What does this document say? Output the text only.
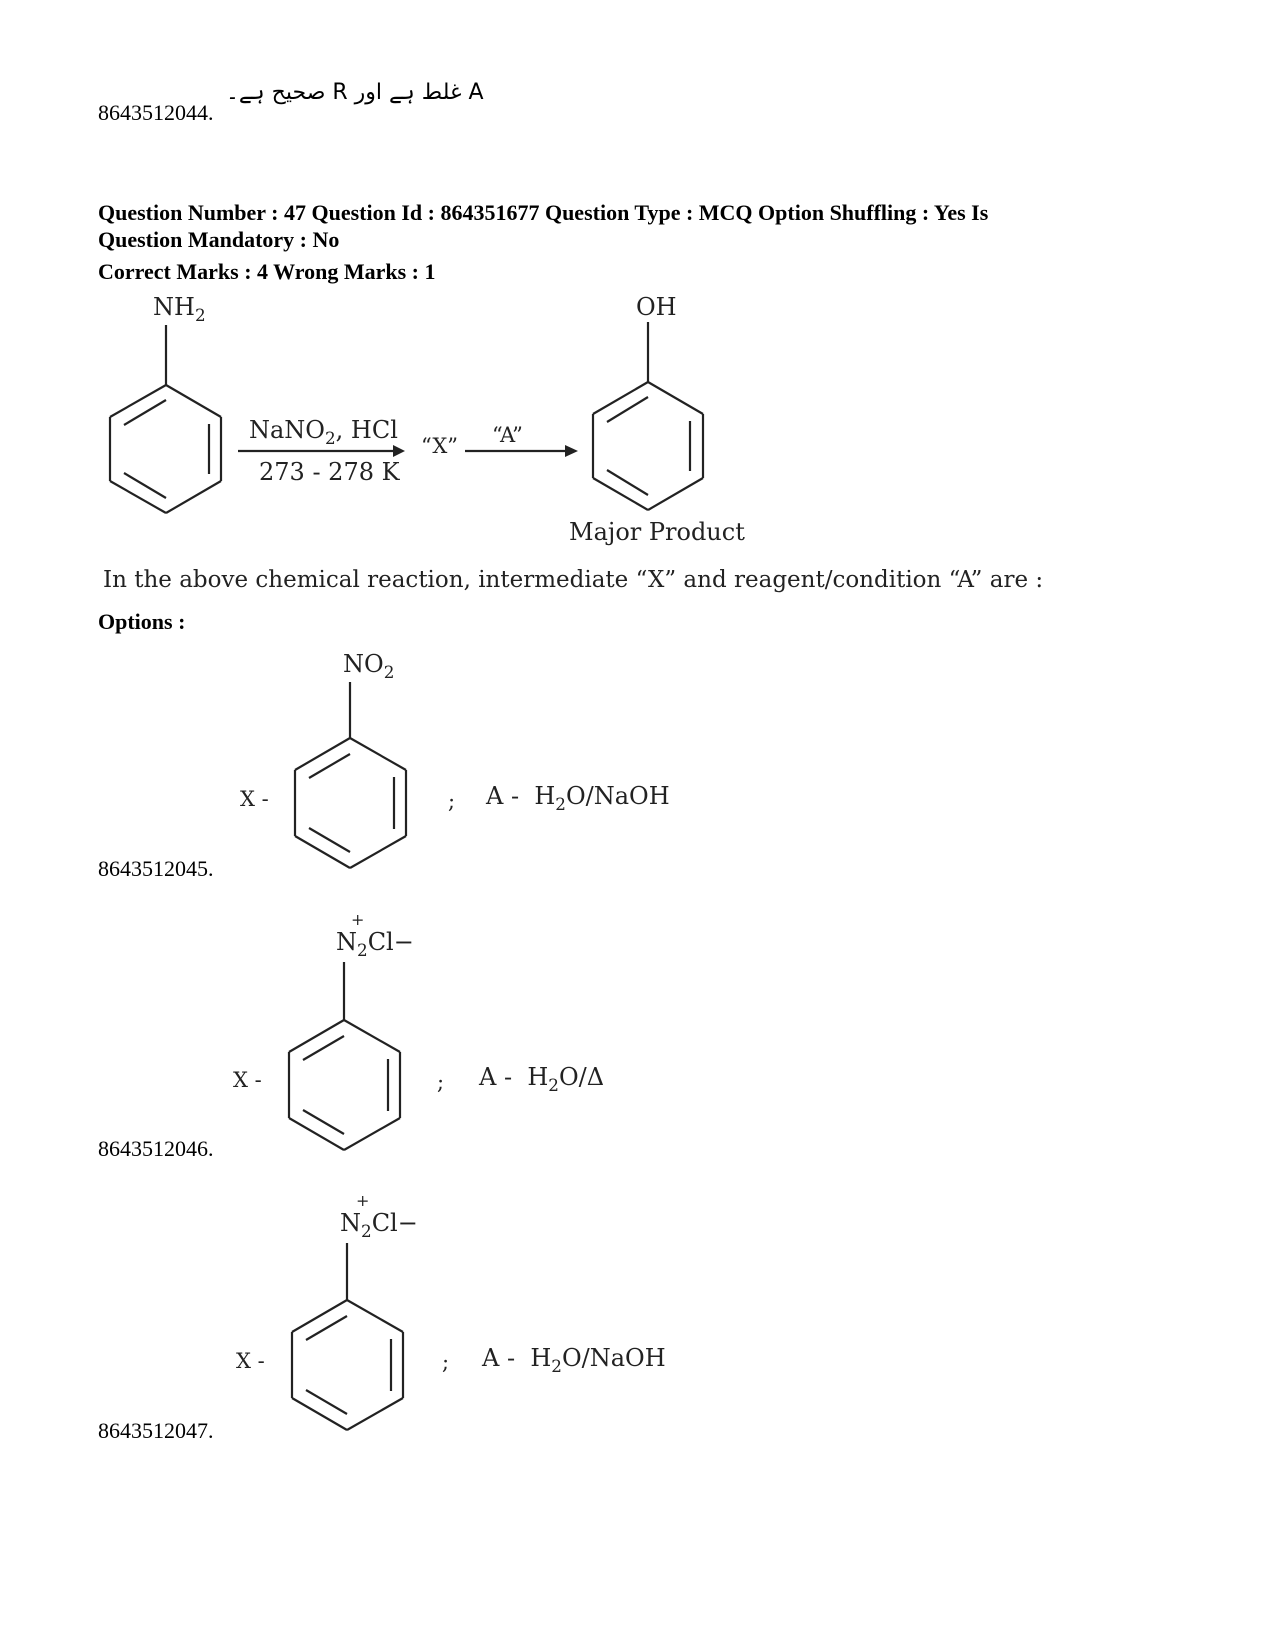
8643512044.
A غلط ہے اور R صحیح ہے۔
Question Number : 47 Question Id : 864351677 Question Type : MCQ Option Shuffling : Yes Is
Question Mandatory : No
Correct Marks : 4 Wrong Marks : 1
$NH_2$
NaNO$_2$, HCl
273 - 278 K
“X” “A”
OH
Major Product
In the above chemical reaction, intermediate “X” and reagent/condition “A” are :
Options :
$NO_2$
X -	; A - $H_2O$/NaOH
8643512045.
+
$N_2Cl-$
X -	; A - $H_2O/\Delta$
8643512046.
+
$N_2Cl-$
X -	; A - $H_2O$/NaOH
8643512047.
